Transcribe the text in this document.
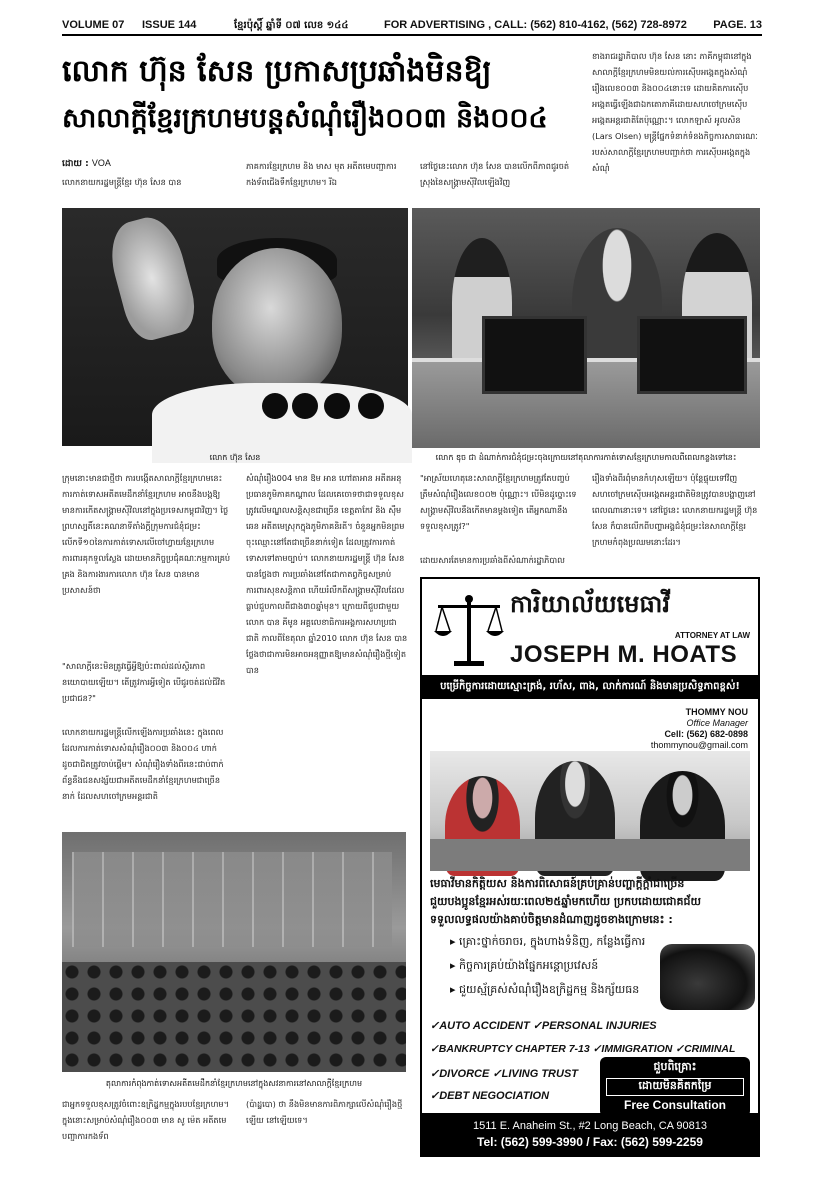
VOLUME 07 ISSUE 144	ខ្មែរប៉ុស្ដិ៍ ឆ្នាំទី ០៧ លេខ ១៤៤	FOR ADVERTISING , CALL: (562) 810-4162, (562) 728-8972 PAGE. 13
លោក ហ៊ុន សែន ប្រកាសប្រឆាំងមិនឱ្យ
សាលាក្ដីខ្មែរក្រហមបន្តសំណុំរឿង០០៣ និង០០៤
ដោយ : VOA
លោកនាយករដ្ឋមន្ត្រីខ្មែរ ហ៊ុន សែន បាន
ភាគការខ្មែរក្រហម និង មាស មុត អតីតមេបញ្ជាការកងទ័ពជើងទឹកខ្មែរក្រហម។ រីឯ
នៅថ្ងៃនេះលោក ហ៊ុន សែន បានលើកពីភាពជូរចត់ស្រុងនៃសង្គ្រាមស៊ីវិលឡើងវិញ
ខាងរាជរដ្ឋាភិបាល ហ៊ុន សែន នោះ ភាគីកម្ពុជានៅក្នុងសាលាក្ដីខ្មែរក្រហមមិនយល់ការស៊ើបអង្កេតក្នុងសំណុំរឿងលេខ០០៣ និង០០៤នោះទេ ដោយគិតការស៊ើបអង្កេតធ្វើឡើងជាឯកតោភាគីដោយសហចៅក្រមស៊ើបអង្កេតអន្តរជាតិតែប៉ុណ្ណោះ។ លោកឡាស៍ អូលសិន (Lars Olsen) មន្ត្រីផ្នែកទំនាក់ទំនងកិច្ចការសាធារណៈរបស់សាលាក្ដីខ្មែរក្រហមបញ្ជាក់ថា ការស៊ើបអង្កេតក្នុងសំណុំ
លោក ហ៊ុន សែន	លោក ឌុច ជា ដំណាក់ការជំនុំជម្រះចុងក្រោយនៅតុលាការកាត់ទោសខ្មែរក្រហមកាលពីពេលកន្លងទៅនេះ
ក្រុមនោះមានជាថ្មីថា ការបង្កើតសាលាក្ដីខ្មែរក្រហមនេះការកាត់ទោសអតីតមេដឹកនាំខ្មែរក្រហម អាចនឹងបង្កឱ្យមានការកើតសង្គ្រាមស៊ីវិលនៅក្នុងប្រទេសកម្ពុជាវិញ។ ថ្ងៃព្រហស្បតិ៍នេះគណនាទីតាំងក្ដីក្រុមការជំនុំជម្រះលើកទី១០នៃការកាត់ទោសលើចៅហ្វាយខ្មែរក្រហមការពារគុកទួលស្លែង ដោយមានកិច្ចប្រជុំគណៈកម្មការគ្រប់គ្រង និងការងារការលោក ហ៊ុន សែន បានមានប្រសាសន៍ថា
"សាលាក្ដីនេះមិនត្រូវធ្វើអ្វីឱ្យប៉ះពាល់ដល់ស្ថិរភាពនយោបាយឡើយ។ តើត្រូវការអ្វីទៀត បើជូរចត់ដល់ជីវិតប្រជាជន?"
លោកនាយករដ្ឋមន្ត្រីលើកឡើងការប្រឆាំងនេះ ក្នុងពេលដែលការកាត់ទោសសំណុំរឿង០០៣ និង០០៤ ហាក់ដូចជាជិតត្រូវចាប់ផ្ដើម។ សំណុំរឿងទាំងពីរនេះជាប់ពាក់ព័ន្ធនឹងជនសង្ស័យជាអតីតមេដឹកនាំខ្មែរក្រហមជាច្រើននាក់ ដែលសហចៅក្រមអន្តរជាតិ
សំណុំរឿង004 មាន ឱម អាន ហៅតាអាន អតីតអនុប្រធានភូមិភាគកណ្ដាល ដែលគេចោទថាជាទទួលខុសត្រូវលើមណ្ឌលសន្តិសុខជាច្រើន ខេត្តតាកែវ និង ស៊ឹម ឆេន អតីតមេស្រុកក្នុងភូមិភាគនិរតី។ ចំនួនអ្នកមិនព្រមចុះឈ្មោះនៅតែជាច្រើននាក់ទៀត ដែលត្រូវការកាត់ទោសទៅតាមច្បាប់។ លោកនាយករដ្ឋមន្ត្រី ហ៊ុន សែន បានថ្លែងថា ការប្រឆាំងនៅតែជាកាតព្វកិច្ចសម្រាប់ការពារសុខសន្តិភាព ហើយរំលឹកពីសង្គ្រាមស៊ីវិលដែលធ្លាប់ជួបកាលពីជាង៣០ឆ្នាំមុន។ ក្រោយពីជួបជាមួយលោក បាន គីមូន អគ្គលេខាធិការអង្គការសហប្រជាជាតិ កាលពីខែតុលា ឆ្នាំ2010 លោក ហ៊ុន សែន បានថ្លែងថាជាការមិនអាចអនុញ្ញាតឱ្យមានសំណុំរឿងថ្មីទៀតបាន
"អាស្រ័យហេតុនេះសាលាក្ដីខ្មែរក្រហមត្រូវតែបញ្ចប់ត្រឹមសំណុំរឿងលេខ០០២ ប៉ុណ្ណោះ។ បើមិនដូច្នោះទេ សង្គ្រាមស៊ីវិលនឹងកើតមានម្ដងទៀត តើអ្នកណានឹងទទួលខុសត្រូវ?"
ដោយសារតែមានការប្រឆាំងពីសំណាក់រដ្ឋាភិបាល
រឿងទាំងពីរពុំមានកំហុសឡើយ។ ប៉ុន្តែផ្ទុយទៅវិញ សហចៅក្រមស៊ើបអង្កេតអន្តរជាតិមិនត្រូវបានបង្ហាញនៅពេលណានោះទេ។ នៅថ្ងៃនេះ លោកនាយករដ្ឋមន្ត្រី ហ៊ុន សែន ក៏បានលើកពីបញ្ហាអង្គជំនុំជម្រះនៃសាលាក្ដីខ្មែរក្រហមកំពុងប្រឈមនោះដែរ។
តុលាការកំពុងកាត់ទោសអតីតមេដឹកនាំខ្មែរក្រហមនៅក្នុងសវនាការនៅសាលាក្ដីខ្មែរក្រហម
ជាអ្នកទទួលខុសត្រូវចំពោះឧក្រិដ្ឋកម្មក្នុងរបបខ្មែរក្រហម។ ក្នុងនោះសម្រាប់សំណុំរឿង០០៣ មាន សូ ម៉េត អតីតមេបញ្ជាការកងទ័ព
(ប៉ាដ្ឋបោ) ថា នឹងមិនមានការពិភាក្សាលើសំណុំរឿងថ្មីឡើយ នៅឡើយទេ។
ការិយាល័យមេធាវី
ATTORNEY AT LAW
JOSEPH M. HOATS
បម្រើកិច្ចការដោយស្មោះត្រង់, រហ័ស, ពាង, លាក់ការណ៍ និងមានប្រសិទ្ធភាពខ្ពស់!
THOMMY NOU
Office Manager
Cell: (562) 682-0898
thommynou@gmail.com
មេធាវីមានកិត្តិយស និងការពិសោធន៍គ្រប់គ្រាន់បញ្ហាក្ដីក្ដាំជាច្រើន
ជួយបងប្អូនខ្មែរអស់រយៈពេល២៥ឆ្នាំមកហើយ ប្រកបដោយជោគជ័យ
ទទួលលទ្ធផលយ៉ាងគាប់ចិត្តមានដំណាញដូចខាងក្រោមនេះ :
▸ គ្រោះថ្នាក់ចរាចរ, ក្នុងហាងទំនិញ, កន្លែងធ្វើការ
▸ កិច្ចការគ្រប់យ៉ាងផ្នែកអន្តោប្រវេសន៍
▸ ជួយស្ម័គ្រស់សំណុំរឿងឧក្រិដ្ឋកម្ម និងក្ស័យធន
✓AUTO ACCIDENT ✓PERSONAL INJURIES
✓BANKRUPTCY CHAPTER 7-13 ✓IMMIGRATION ✓CRIMINAL
✓DIVORCE ✓LIVING TRUST
✓DEBT NEGOCIATION
ជួបពិគ្រោះ
ដោយមិនគិតកម្រៃ
Free Consultation
1511 E. Anaheim St., #2 Long Beach, CA 90813
Tel: (562) 599-3990 / Fax: (562) 599-2259
